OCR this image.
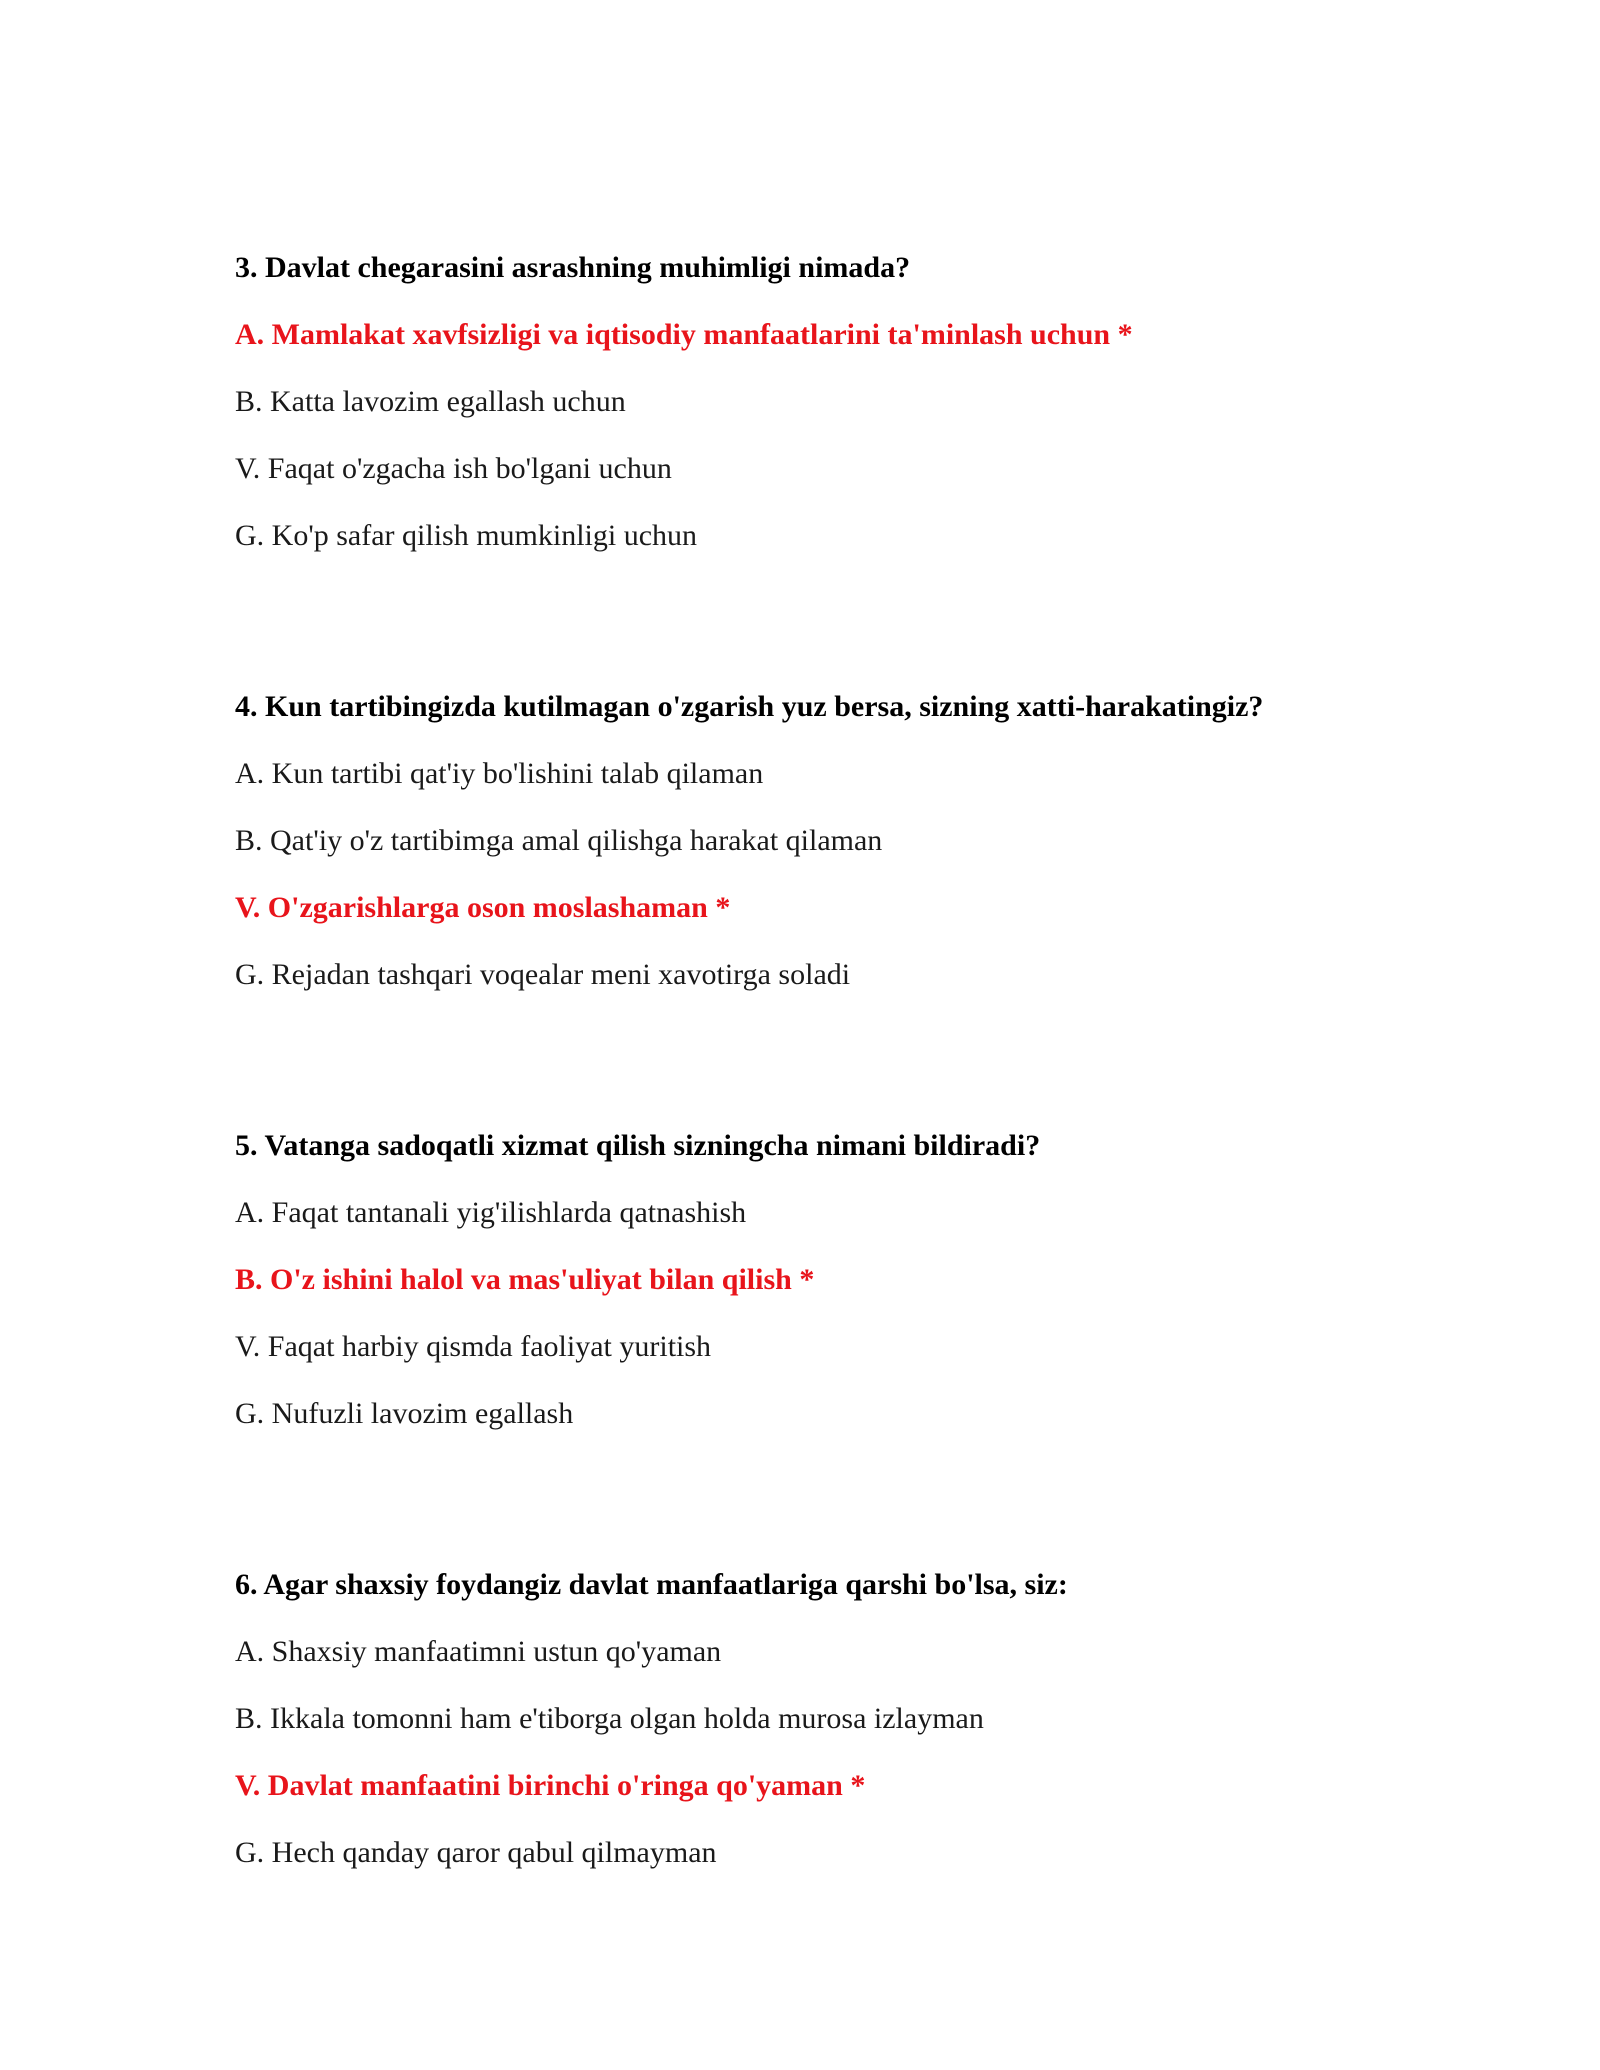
3. Davlat chegarasini asrashning muhimligi nimada?

A. Mamlakat xavfsizligi va iqtisodiy manfaatlarini ta'minlash uchun *

B. Katta lavozim egallash uchun

V. Faqat o'zgacha ish bo'lgani uchun

G. Ko'p safar qilish mumkinligi uchun

4. Kun tartibingizda kutilmagan o'zgarish yuz bersa, sizning xatti-harakatingiz?

A. Kun tartibi qat'iy bo'lishini talab qilaman

B. Qat'iy o'z tartibimga amal qilishga harakat qilaman

V. O'zgarishlarga oson moslashaman *

G. Rejadan tashqari voqealar meni xavotirga soladi

5. Vatanga sadoqatli xizmat qilish sizningcha nimani bildiradi?

A. Faqat tantanali yig'ilishlarda qatnashish

B. O'z ishini halol va mas'uliyat bilan qilish *

V. Faqat harbiy qismda faoliyat yuritish

G. Nufuzli lavozim egallash

6. Agar shaxsiy foydangiz davlat manfaatlariga qarshi bo'lsa, siz:

A. Shaxsiy manfaatimni ustun qo'yaman

B. Ikkala tomonni ham e'tiborga olgan holda murosa izlayman

V. Davlat manfaatini birinchi o'ringa qo'yaman *

G. Hech qanday qaror qabul qilmayman
